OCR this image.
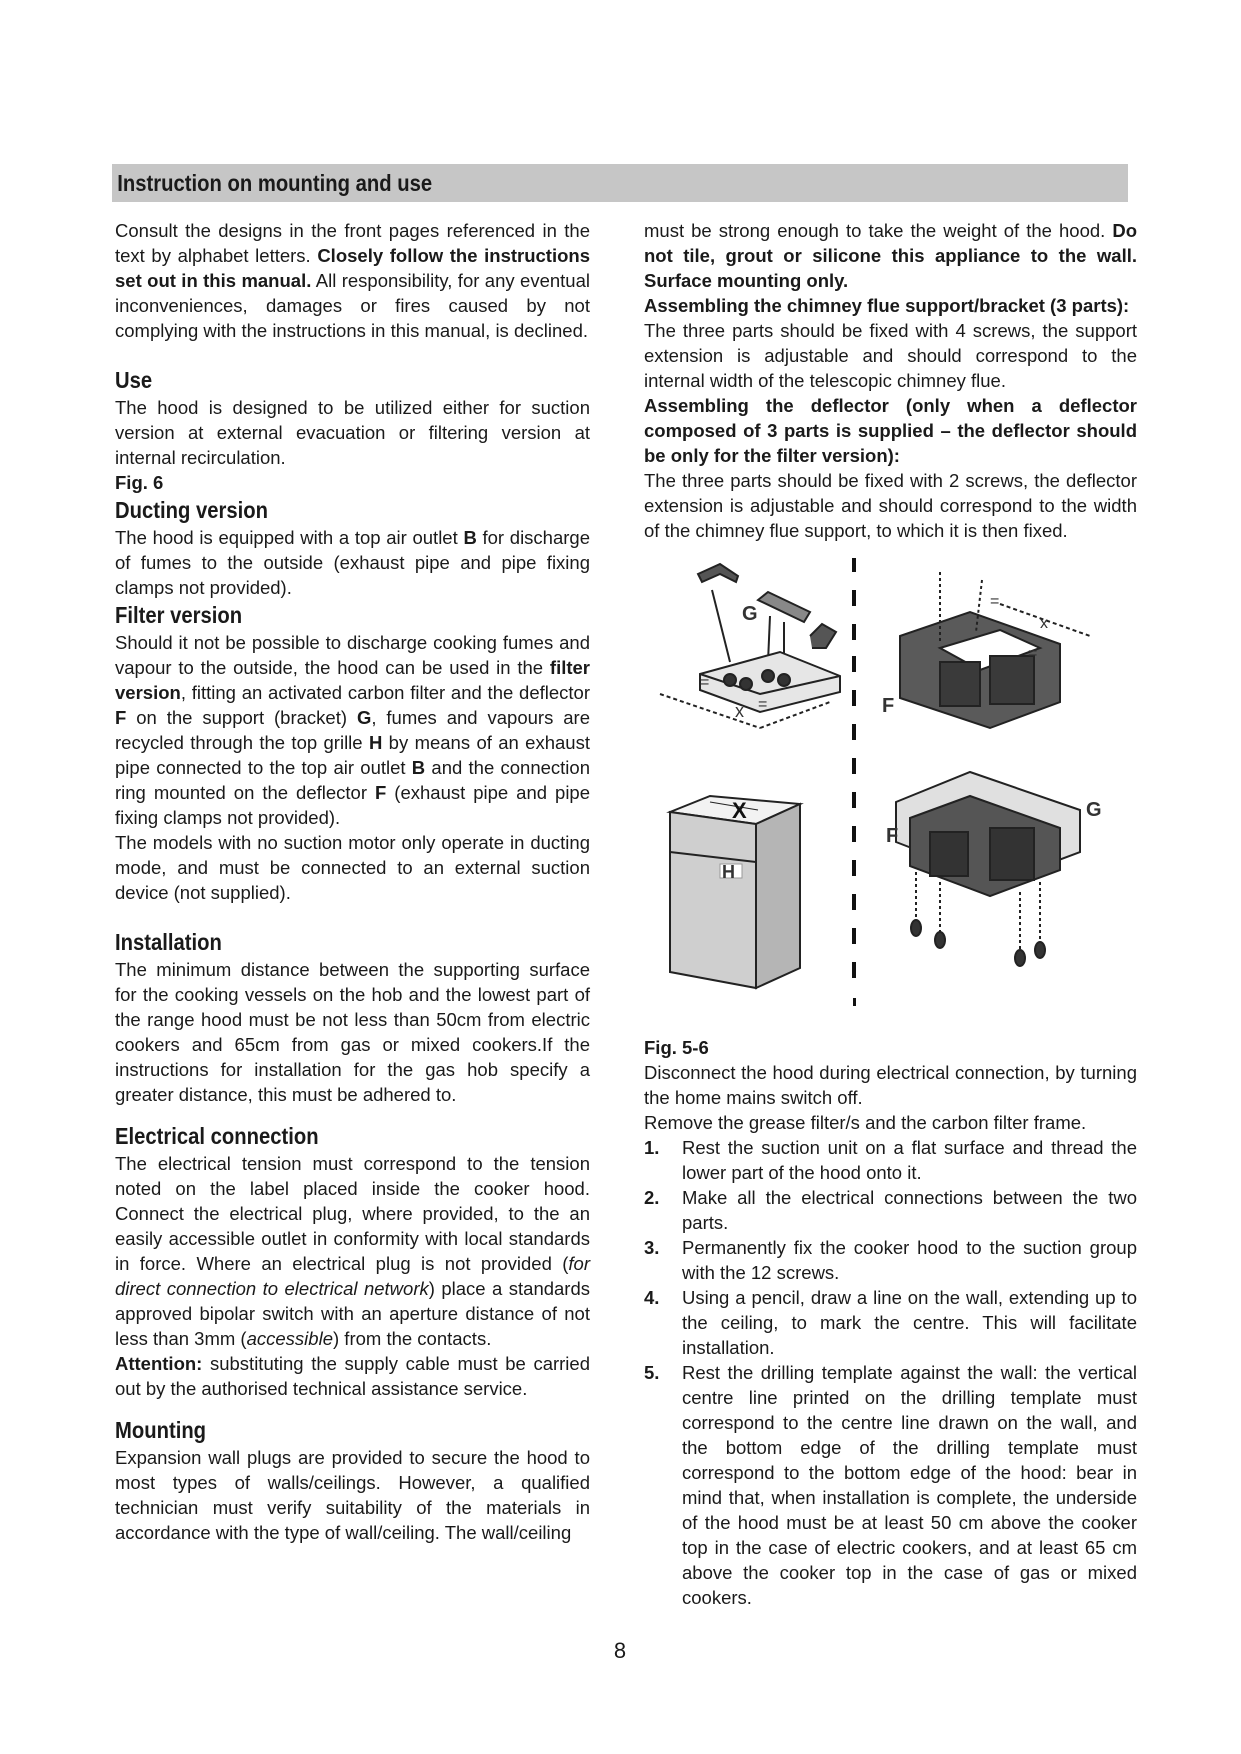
Instruction on mounting and use

Consult the designs in the front pages referenced in the text by alphabet letters. Closely follow the instructions set out in this manual. All responsibility, for any eventual inconveniences, damages or fires caused by not complying with the instructions in this manual, is declined.

Use

The hood is designed to be utilized either for suction version at external evacuation or filtering version at internal recirculation.

Fig. 6
Ducting version

The hood is equipped with a top air outlet B for discharge of fumes to the outside (exhaust pipe and pipe fixing clamps not provided).

Filter version

Should it not be possible to discharge cooking fumes and vapour to the outside, the hood can be used in the filter version, fitting an activated carbon filter and the deflector F on the support (bracket) G, fumes and vapours are recycled through the top grille H by means of an exhaust pipe connected to the top air outlet B and the connection ring mounted on the deflector F (exhaust pipe and pipe fixing clamps not provided).

The models with no suction motor only operate in ducting mode, and must be connected to an external suction device (not supplied).

Installation

The minimum distance between the supporting surface for the cooking vessels on the hob and the lowest part of the range hood must be not less than 50cm from electric cookers and 65cm from gas or mixed cookers.If the instructions for installation for the gas hob specify a greater distance, this must be adhered to.

Electrical connection

The electrical tension must correspond to the tension noted on the label placed inside the cooker hood. Connect the electrical plug, where provided, to the an easily accessible outlet in conformity with local standards in force. Where an electrical plug is not provided (for direct connection to electrical network) place a standards approved bipolar switch with an aperture distance of not less than 3mm (accessible) from the contacts.

Attention: substituting the supply cable must be carried out by the authorised technical assistance service.

Mounting

Expansion wall plugs are provided to secure the hood to most types of walls/ceilings. However, a qualified technician must verify suitability of the materials in accordance with the type of wall/ceiling. The wall/ceiling

must be strong enough to take the weight of the hood. Do not tile, grout or silicone this appliance to the wall. Surface mounting only.

Assembling the chimney flue support/bracket (3 parts):

The three parts should be fixed with 4 screws, the support extension is adjustable and should correspond to the internal width of the telescopic chimney flue.

Assembling the deflector (only when a deflector composed of 3 parts is supplied – the deflector should be only for the filter version):

The three parts should be fixed with 2 screws, the deflector extension is adjustable and should correspond to the width of the chimney flue support, to which it is then fixed.

G
x
=
=	F
x
=
=
X
H
G
F
Fig. 5-6

Disconnect the hood during electrical connection, by turning the home mains switch off.

Remove the grease filter/s and the carbon filter frame.

1.	Rest the suction unit on a flat surface and thread the lower part of the hood onto it.
2.	Make all the electrical connections between the two parts.
3.	Permanently fix the cooker hood to the suction group with the 12 screws.
4.	Using a pencil, draw a line on the wall, extending up to the ceiling, to mark the centre. This will facilitate installation.
5.	Rest the drilling template against the wall: the vertical centre line printed on the drilling template must correspond to the centre line drawn on the wall, and the bottom edge of the drilling template must correspond to the bottom edge of the hood: bear in mind that, when installation is complete, the underside of the hood must be at least 50 cm above the cooker top in the case of electric cookers, and at least 65 cm above the cooker top in the case of gas or mixed cookers.
8
